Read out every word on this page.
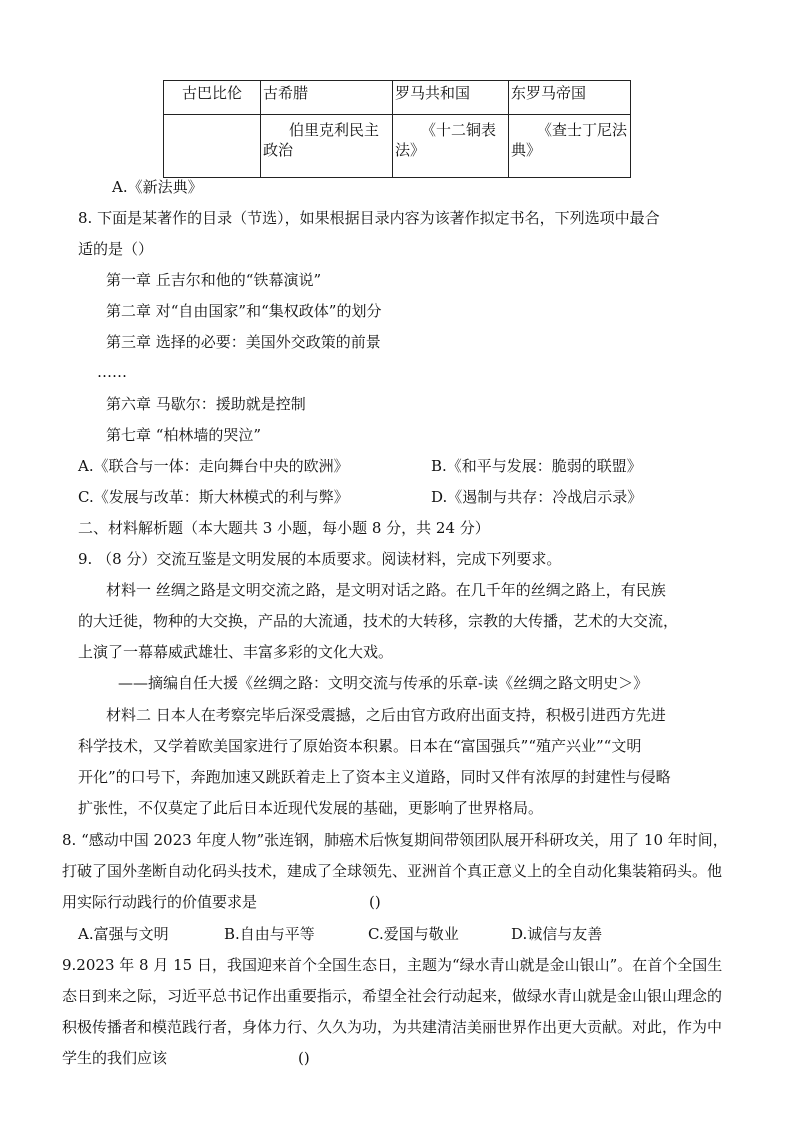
古巴比伦	古希腊	罗马共和国	东罗马帝国
	伯里克利民主政治	《十二铜表法》	《查士丁尼法典》
A.《新法典》
8. 下面是某著作的目录（节选），如果根据目录内容为该著作拟定书名，下列选项中最合
适的是（）
第一章 丘吉尔和他的“铁幕演说”
第二章 对“自由国家”和“集权政体”的划分
第三章 选择的必要：美国外交政策的前景
……
第六章 马歇尔：援助就是控制
第七章 “柏林墙的哭泣”
A.《联合与一体：走向舞台中央的欧洲》	B.《和平与发展：脆弱的联盟》
C.《发展与改革：斯大林模式的利与弊》	D.《遏制与共存：冷战启示录》
二、材料解析题（本大题共 3 小题，每小题 8 分，共 24 分）
9. （8 分）交流互鉴是文明发展的本质要求。阅读材料，完成下列要求。
材料一 丝绸之路是文明交流之路，是文明对话之路。在几千年的丝绸之路上，有民族
的大迁徙，物种的大交换，产品的大流通，技术的大转移，宗教的大传播，艺术的大交流，
上演了一幕幕威武雄壮、丰富多彩的文化大戏。
——摘编自任大援《丝绸之路：文明交流与传承的乐章-读《丝绸之路文明史＞》
材料二 日本人在考察完毕后深受震撼，之后由官方政府出面支持，积极引进西方先进
科学技术，又学着欧美国家进行了原始资本积累。日本在“富国强兵”“殖产兴业”“文明
开化”的口号下，奔跑加速又跳跃着走上了资本主义道路，同时又伴有浓厚的封建性与侵略
扩张性，不仅莫定了此后日本近现代发展的基础，更影响了世界格局。
8. “感动中国 2023 年度人物”张连钢，肺癌术后恢复期间带领团队展开科研攻关，用了 10 年时间，
打破了国外垄断自动化码头技术，建成了全球领先、亚洲首个真正意义上的全自动化集装箱码头。他
用实际行动践行的价值要求是	()
A.富强与文明	B.自由与平等	C.爱国与敬业	D.诚信与友善
9.2023 年 8 月 15 日，我国迎来首个全国生态日，主题为“绿水青山就是金山银山”。在首个全国生
态日到来之际，习近平总书记作出重要指示，希望全社会行动起来，做绿水青山就是金山银山理念的
积极传播者和模范践行者，身体力行、久久为功，为共建清洁美丽世界作出更大贡献。对此，作为中
学生的我们应该	()
